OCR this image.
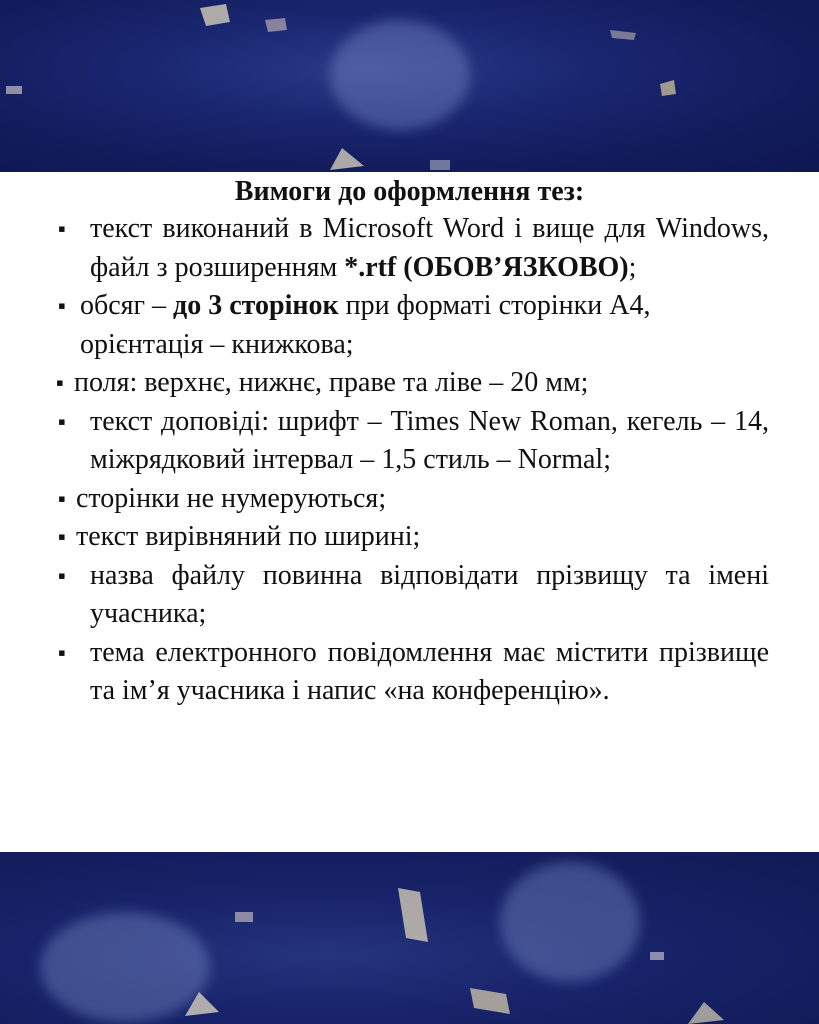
Вимоги до оформлення тез:
▪ текст виконаний в Microsoft Word і вище для Windows, файл з розширенням *.rtf (ОБОВ’ЯЗКОВО);
▪ обсяг – до 3 сторінок при форматі сторінки А4, орієнтація – книжкова;
▪ поля: верхнє, нижнє, праве та ліве – 20 мм;
▪ текст доповіді: шрифт – Times New Roman, кегель – 14, міжрядковий інтервал – 1,5 стиль – Normal;
▪ сторінки не нумеруються;
▪ текст вирівняний по ширині;
▪ назва файлу повинна відповідати прізвищу та імені учасника;
▪ тема електронного повідомлення має містити прізвище та ім’я учасника і напис «на конференцію».
